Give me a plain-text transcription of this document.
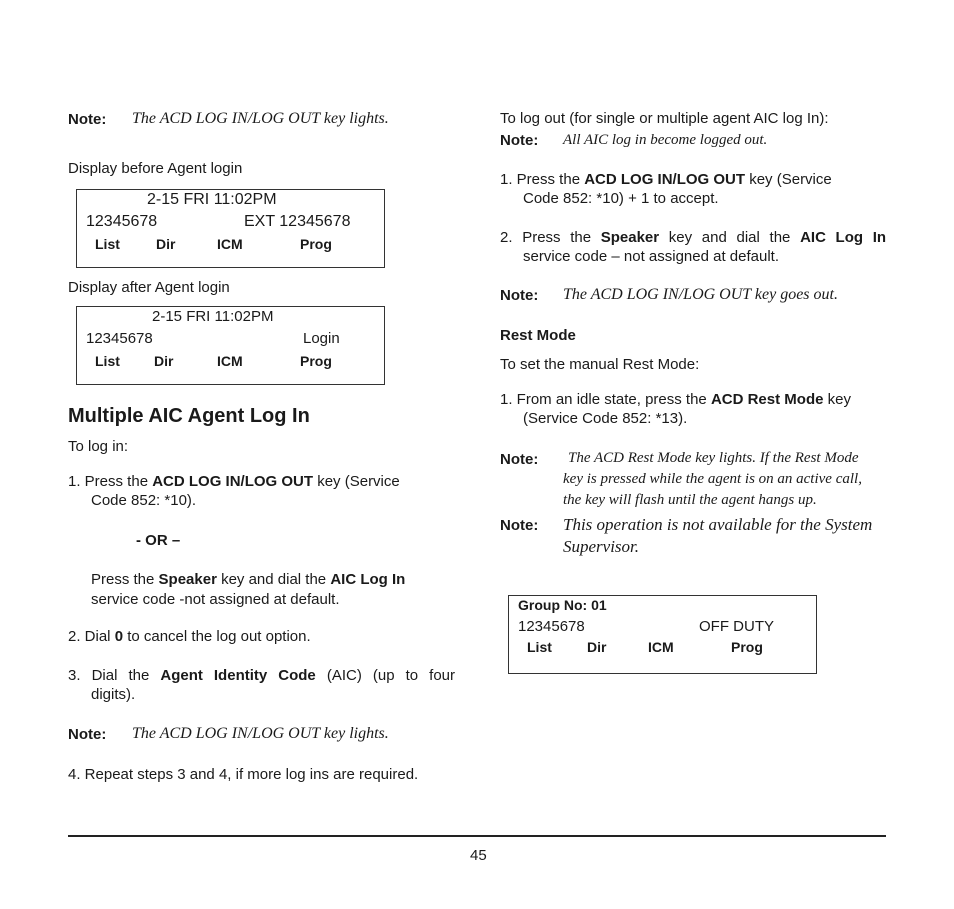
Note: The ACD LOG IN/LOG OUT key lights.
Display before Agent login
2-15 FRI 11:02PM
12345678	EXT 12345678
List	Dir	ICM	Prog
Display after Agent login
2-15 FRI 11:02PM
12345678	Login
List Dir	ICM	Prog
Multiple AIC Agent Log In
To log in:
1. Press the ACD LOG IN/LOG OUT key (Service
Code 852: *10).
- OR –
Press the Speaker key and dial the AIC Log In
service code -not assigned at default.
2. Dial 0 to cancel the log out option.
3. Dial the Agent Identity Code (AIC) (up to four
digits).
Note: The ACD LOG IN/LOG OUT key lights.
4. Repeat steps 3 and 4, if more log ins are required.
To log out (for single or multiple agent AIC log In):
Note: All AIC log in become logged out.
1. Press the ACD LOG IN/LOG OUT key (Service
Code 852: *10) + 1 to accept.
2. Press the Speaker key and dial the AIC Log In
service code – not assigned at default.
Note: The ACD LOG IN/LOG OUT key goes out.
Rest Mode
To set the manual Rest Mode:
1. From an idle state, press the ACD Rest Mode key
(Service Code 852: *13).
Note: The ACD Rest Mode key lights. If the Rest Mode
key is pressed while the agent is on an active call,
the key will flash until the agent hangs up.
Note: This operation is not available for the System
Supervisor.
Group No: 01
12345678	OFF DUTY
List	Dir	ICM	Prog
45
